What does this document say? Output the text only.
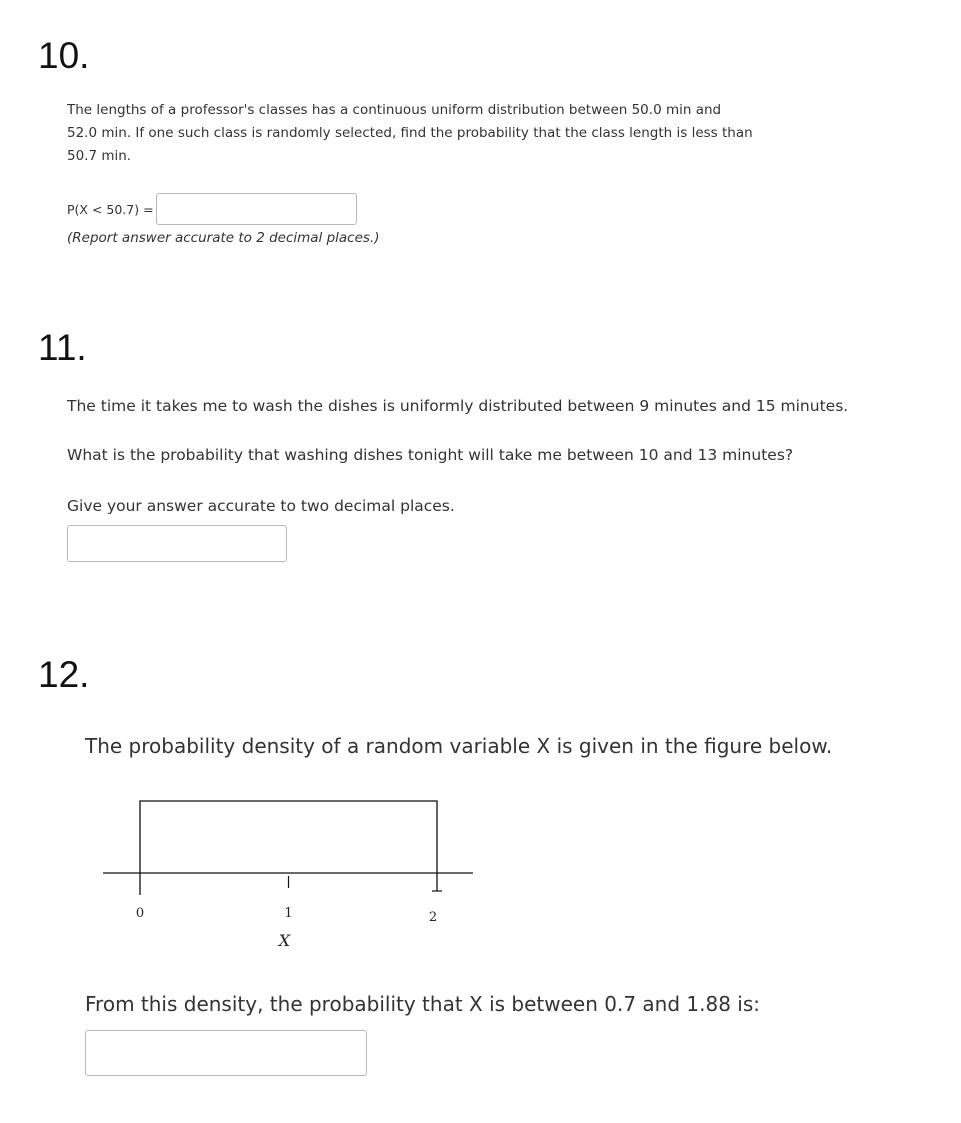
10.
The lengths of a professor's classes has a continuous uniform distribution between 50.0 min and
52.0 min. If one such class is randomly selected, find the probability that the class length is less than
50.7 min.
P(X < 50.7) =
(Report answer accurate to 2 decimal places.)
11.
The time it takes me to wash the dishes is uniformly distributed between 9 minutes and 15 minutes.
What is the probability that washing dishes tonight will take me between 10 and 13 minutes?
Give your answer accurate to two decimal places.
12.
The probability density of a random variable X is given in the figure below.
0	1	2
X
From this density, the probability that X is between 0.7 and 1.88 is:
